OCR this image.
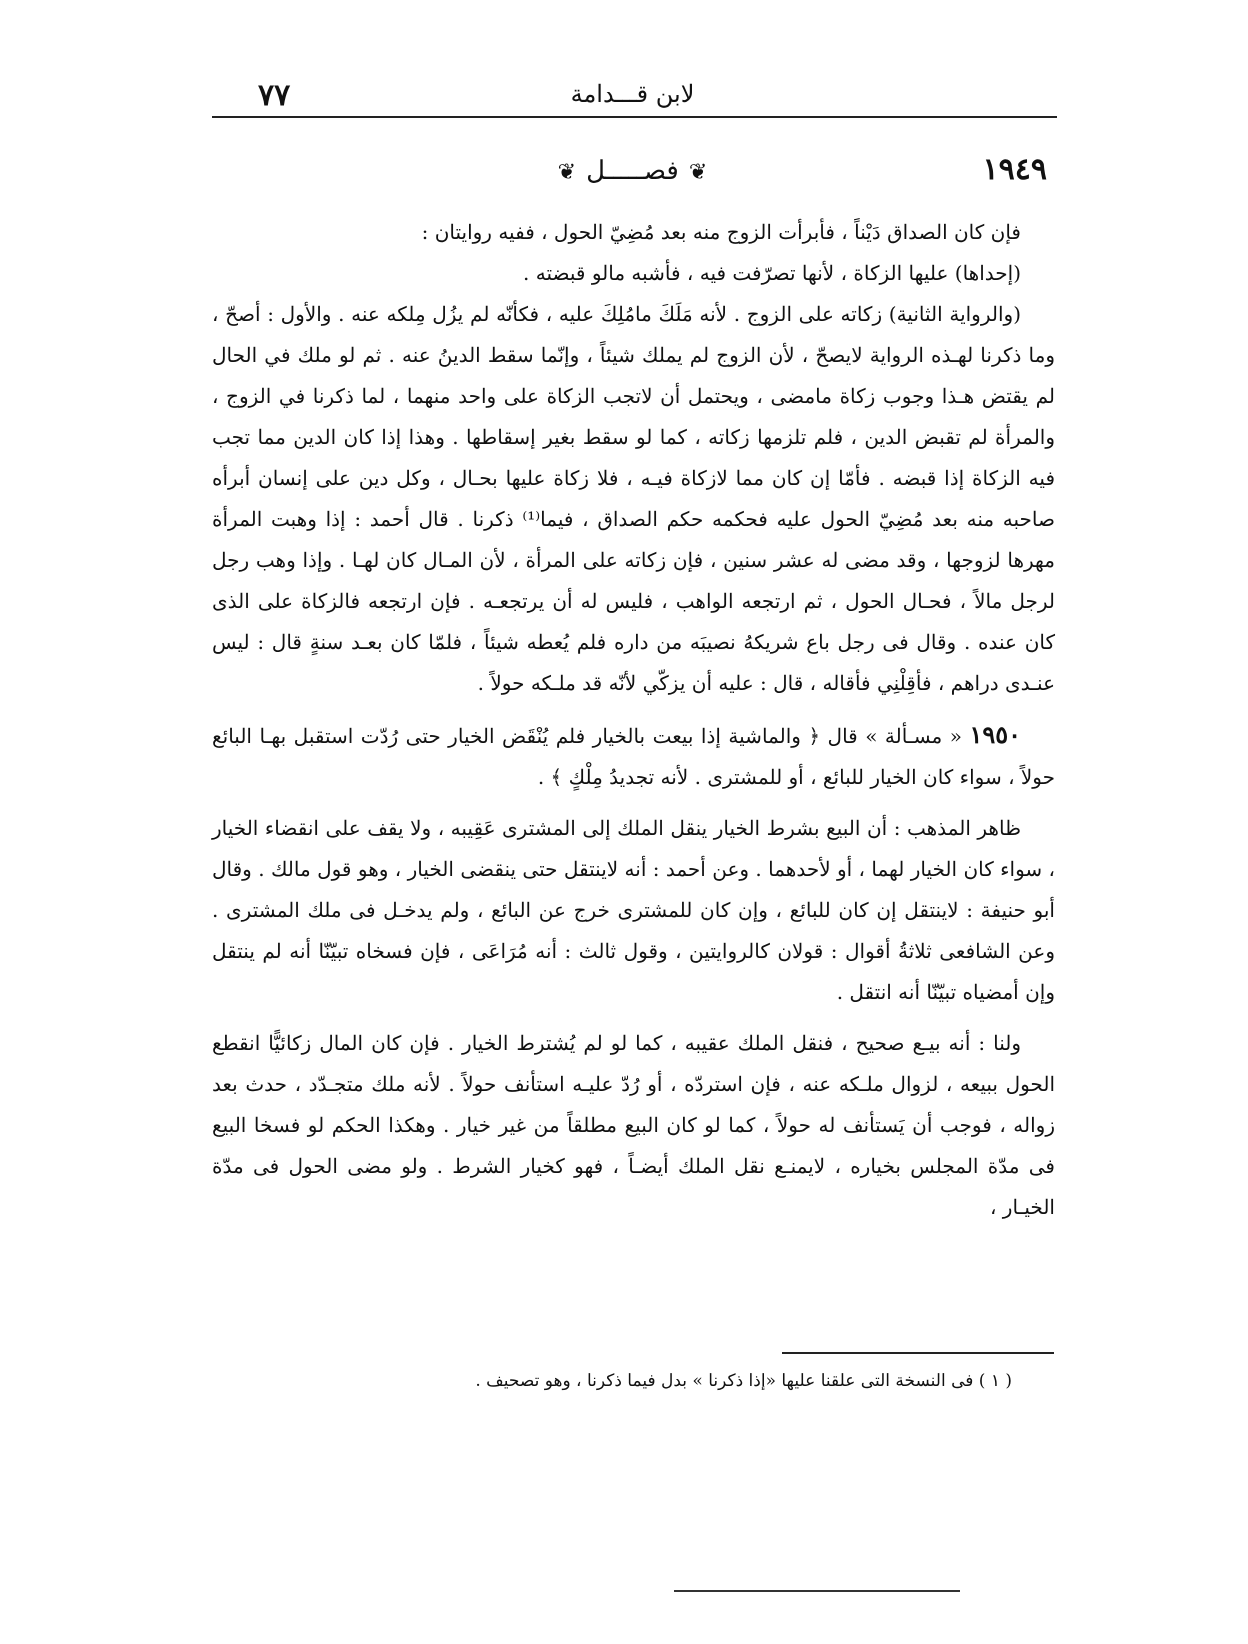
٧٧	لابن قـــدامة
١٩٤٩
❦فصـــــل❦

فإن كان الصداق دَيْناً ، فأبرأت الزوج منه بعد مُضِيّ الحول ، ففيه روايتان :

(إحداها) عليها الزكاة ، لأنها تصرّفت فيه ، فأشبه مالو قبضته .

(والرواية الثانية) زكاته على الزوج . لأنه مَلَكَ مامُلِكَ عليه ، فكأنّه لم يزُل مِلكه عنه . والأول : أصحّ ، وما ذكرنا لهـذه الرواية لايصحّ ، لأن الزوج لم يملك شيئاً ، وإنّما سقط الدينُ عنه . ثم لو ملك في الحال لم يقتض هـذا وجوب زكاة مامضى ، ويحتمل أن لاتجب الزكاة على واحد منهما ، لما ذكرنا في الزوج ، والمرأة لم تقبض الدين ، فلم تلزمها زكاته ، كما لو سقط بغير إسقاطها . وهذا إذا كان الدين مما تجب فيه الزكاة إذا قبضه . فأمّا إن كان مما لازكاة فيـه ، فلا زكاة عليها بحـال ، وكل دين على إنسان أبرأه صاحبه منه بعد مُضِيّ الحول عليه فحكمه حكم الصداق ، فيما⁽¹⁾ ذكرنا . قال أحمد : إذا وهبت المرأة مهرها لزوجها ، وقد مضى له عشر سنين ، فإن زكاته على المرأة ، لأن المـال كان لهـا . وإذا وهب رجل لرجل مالاً ، فحـال الحول ، ثم ارتجعه الواهب ، فليس له أن يرتجعـه . فإن ارتجعه فالزكاة على الذى كان عنده . وقال فى رجل باع شريكهُ نصيبَه من داره فلم يُعطه شيئاً ، فلمّا كان بعـد سنةٍ قال : ليس عنـدى دراهم ، فأقِلْنِي فأقاله ، قال : عليه أن يزكّي لأنّه قد ملـكه حولاً .

١٩٥٠ « مسـألة » قال ﴿ والماشية إذا بيعت بالخيار فلم يُنْقَض الخيار حتى رُدّت استقبل بهـا البائع حولاً ، سواء كان الخيار للبائع ، أو للمشترى . لأنه تجديدُ مِلْكٍ ﴾ .

ظاهر المذهب : أن البيع بشرط الخيار ينقل الملك إلى المشترى عَقِيبه ، ولا يقف على انقضاء الخيار ، سواء كان الخيار لهما ، أو لأحدهما . وعن أحمد : أنه لاينتقل حتى ينقضى الخيار ، وهو قول مالك . وقال أبو حنيفة : لاينتقل إن كان للبائع ، وإن كان للمشترى خرج عن البائع ، ولم يدخـل فى ملك المشترى . وعن الشافعى ثلاثةُ أقوال : قولان كالروايتين ، وقول ثالث : أنه مُرَاعَى ، فإن فسخاه تبيّنّا أنه لم ينتقل وإن أمضياه تبيّنّا أنه انتقل .

ولنا : أنه بيـع صحيح ، فنقل الملك عقيبه ، كما لو لم يُشترط الخيار . فإن كان المال زكائيًّا انقطع الحول ببيعه ، لزوال ملـكه عنه ، فإن استردّه ، أو رُدّ عليـه استأنف حولاً . لأنه ملك متجـدّد ، حدث بعد زواله ، فوجب أن يَستأنف له حولاً ، كما لو كان البيع مطلقاً من غير خيار . وهكذا الحكم لو فسخا البيع فى مدّة المجلس بخياره ، لايمنـع نقل الملك أيضـاً ، فهو كخيار الشرط . ولو مضى الحول فى مدّة الخيـار ،

( ١ ) فى النسخة التى علقنا عليها «إذا ذكرنا » بدل فيما ذكرنا ، وهو تصحيف .
